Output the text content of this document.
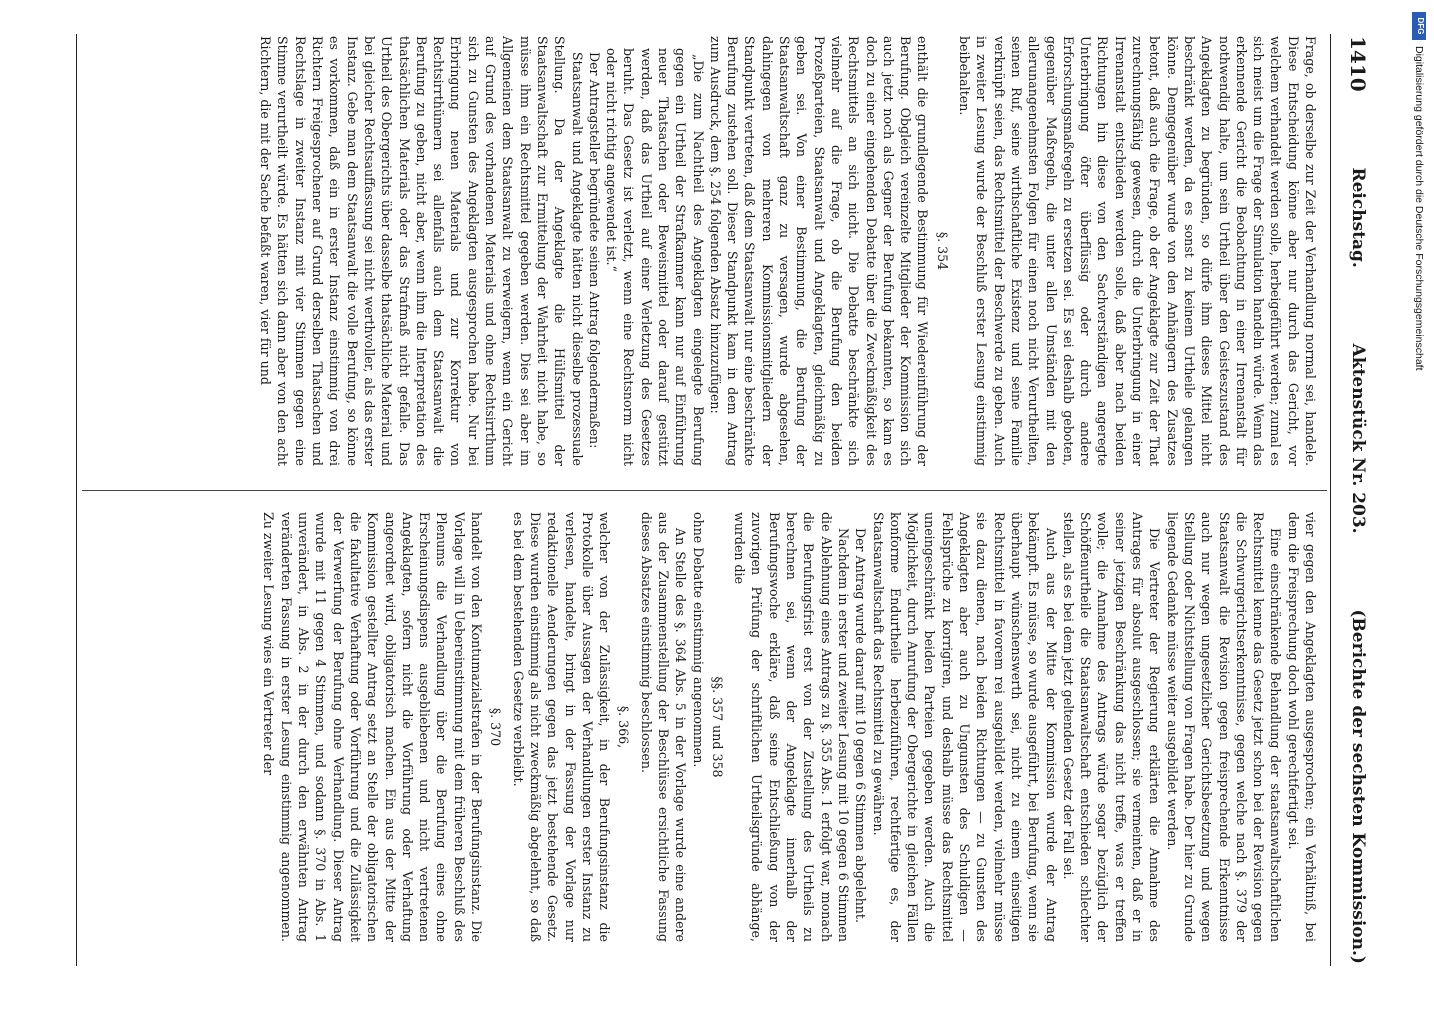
1410
Reichstag.
Aktenstück Nr. 203.
(Berichte der sechsten Kommission.)

Frage, ob derselbe zur Zeit der Verhandlung normal sei, handele. Diese Entscheidung könne aber nur durch das Gericht, vor welchem verhandelt werden solle, herbeigeführt werden; zumal es sich meist um die Frage der Simulation handeln würde. Wenn das erkennende Gericht die Beobachtung in einer Irrenanstalt für nothwendig halte, um sein Urtheil über den Geisteszustand des Angeklagten zu begründen, so dürfe ihm dieses Mittel nicht beschränkt werden, da es sonst zu keinem Urtheile gelangen könne. Demgegenüber wurde von den Anhängern des Zusatzes betont, daß auch die Frage, ob der Angeklagte zur Zeit der That zurechnungsfähig gewesen, durch die Unterbringung in einer Irrenanstalt entschieden werden solle, daß aber nach beiden Richtungen hin diese von den Sachverständigen angeregte Unterbringung öfter überflüssig oder durch andere Erforschungsmaßregeln zu ersetzen sei. Es sei deshalb geboten, gegenüber Maßregeln, die unter allen Umständen mit den allerunangenehmsten Folgen für einen noch nicht Verurtheilten, seinen Ruf, seine wirthschaftliche Existenz und seine Familie verknüpft seien, das Rechtsmittel der Beschwerde zu geben. Auch in zweiter Lesung wurde der Beschluß erster Lesung einstimmig beibehalten.

§. 354

enthält die grundlegende Bestimmung für Wiedereinführung der Berufung. Obgleich vereinzelte Mitglieder der Kommission sich auch jetzt noch als Gegner der Berufung bekannten, so kam es doch zu einer eingehenden Debatte über die Zweckmäßigkeit des Rechtsmittels an sich nicht. Die Debatte beschränkte sich vielmehr auf die Frage, ob die Berufung den beiden Prozeßparteien, Staatsanwalt und Angeklagten, gleichmäßig zu geben sei. Von einer Bestimmung, die Berufung der Staatsanwaltschaft ganz zu versagen, wurde abgesehen, dahingegen von mehreren Kommissionsmitgliedern der Standpunkt vertreten, daß dem Staatsanwalt nur eine beschränkte Berufung zustehen soll. Dieser Standpunkt kam in dem Antrag zum Ausdruck, dem §. 254 folgenden Absatz hinzuzufügen:

„Die zum Nachtheil des Angeklagten eingelegte Berufung gegen ein Urtheil der Strafkammer kann nur auf Einführung neuer Thatsachen oder Beweismittel oder darauf gestützt werden, daß das Urtheil auf einer Verletzung des Gesetzes beruht. Das Gesetz ist verletzt, wenn eine Rechtsnorm nicht oder nicht richtig angewendet ist.“

Der Antragsteller begründete seinen Antrag folgendermaßen:

Staatsanwalt und Angeklagte hätten nicht dieselbe prozessuale Stellung. Da der Angeklagte die Hülfsmittel der Staatsanwaltschaft zur Ermittelung der Wahrheit nicht habe, so müsse ihm ein Rechtsmittel gegeben werden. Dies sei aber im Allgemeinen dem Staatsanwalt zu verweigern, wenn ein Gericht auf Grund des vorhandenen Materials und ohne Rechtsirrthum sich zu Gunsten des Angeklagten ausgesprochen habe. Nur bei Erbringung neuen Materials und zur Korrektur von Rechtsirrthümern sei allenfalls auch dem Staatsanwalt die Berufung zu geben, nicht aber, wenn ihm die Interpretation des thatsächlichen Materials oder das Strafmaß nicht gefalle. Das Urtheil des Obergerichts über dasselbe thatsächliche Material und bei gleicher Rechtsauffassung sei nicht werthvoller, als das erster Instanz. Gebe man dem Staatsanwalt die volle Berufung, so könne es vorkommen, daß ein in erster Instanz einstimmig von drei Richtern Freigesprochener auf Grund derselben Thatsachen und Rechtslage in zweiter Instanz mit vier Stimmen gegen eine Stimme verurtheilt würde. Es hätten sich dann aber von den acht Richtern, die mit der Sache befaßt waren, vier für und

vier gegen den Angeklagten ausgesprochen; ein Verhältniß, bei dem die Freisprechung doch wohl gerechtfertigt sei.

Eine einschränkende Behandlung der staatsanwaltschaftlichen Rechtsmittel kenne das Gesetz jetzt schon bei der Revision gegen die Schwurgerichtserkenntnisse, gegen welche nach §. 379 der Staatsanwalt die Revision gegen freisprechende Erkenntnisse auch nur wegen ungesetzlicher Gerichtsbesetzung und wegen Stellung oder Nichtstellung von Fragen habe. Der hier zu Grunde liegende Gedanke müsse weiter ausgebildet werden.

Die Vertreter der Regierung erklärten die Annahme des Antrages für absolut ausgeschlossen; sie vermeinten, daß er in seiner jetzigen Beschränkung das nicht treffe, was er treffen wolle; die Annahme des Antrags würde sogar bezüglich der Schöffenurtheile die Staatsanwaltschaft entschieden schlechter stellen, als es bei dem jetzt geltenden Gesetz der Fall sei.

Auch aus der Mitte der Kommission wurde der Antrag bekämpft. Es müsse, so wurde ausgeführt, bei Berufung, wenn sie überhaupt wünschenswerth sei, nicht zu einem einseitigen Rechtsmittel in favorem rei ausgebildet werden, vielmehr müsse sie dazu dienen, nach beiden Richtungen — zu Gunsten des Angeklagten aber auch zu Ungunsten des Schuldigen — Fehlsprüche zu korrigiren, und deshalb müsse das Rechtsmittel uneingeschränkt beiden Parteien gegeben werden. Auch die Möglichkeit, durch Anrufung der Obergerichte in gleichen Fällen konforme Endurtheile herbeizuführen, rechtfertige es, der Staatsanwaltschaft das Rechtsmittel zu gewähren.

Der Antrag wurde darauf mit 10 gegen 6 Stimmen abgelehnt.

Nachdem in erster und zweiter Lesung mit 10 gegen 6 Stimmen die Ablehnung eines Antrags zu §. 355 Abs. 1 erfolgt war, monach die Berufungsfrist erst von der Zustellung des Urtheils zu berechnen sei, wenn der Angeklagte innerhalb der Berufungswoche erkläre, daß seine Entschließung von der zuvorigen Prüfung der schriftlichen Urtheilsgründe abhänge, wurden die

§§. 357 und 358

ohne Debatte einstimmig angenommen.

An Stelle des §. 364 Abs. 5 in der Vorlage wurde eine andere aus der Zusammenstellung der Beschlüsse ersichtliche Fassung dieses Absatzes einstimmig beschlossen.

§. 366,

welcher von der Zulässigkeit, in der Berufungsinstanz die Protokolle über Aussagen der Verhandlungen erster Instanz zu verlesen, handelte, bringt in der Fassung der Vorlage nur redaktionelle Aenderungen gegen das jetzt bestehende Gesetz. Diese wurden einstimmig als nicht zweckmäßig abgelehnt, so daß es bei dem bestehenden Gesetze verbleibt.

§. 370

handelt von den Kontumazialstrafen in der Berufungsinstanz. Die Vorlage will in Uebereinstimmung mit dem früheren Beschluß des Plenums die Verhandlung über die Berufung eines ohne Erscheinungsdispens ausgebliebenen und nicht vertretenen Angeklagten, sofern nicht die Vorführung oder Verhaftung angeordnet wird, obligatorisch machen. Ein aus der Mitte der Kommission gestellter Antrag setzt an Stelle der obligatorischen die fakultative Verhaftung oder Vorführung und die Zulässigkeit der Verwerfung der Berufung ohne Verhandlung. Dieser Antrag wurde mit 11 gegen 4 Stimmen, und sodann §. 370 in Abs. 1 unverändert, in Abs. 2 in der durch den erwähnten Antrag veränderten Fassung in erster Lesung einstimmig angenommen. Zu zweiter Lesung wies ein Vertreter der

DFG
Digitalisierung gefördert durch die Deutsche Forschungsgemeinschaft
